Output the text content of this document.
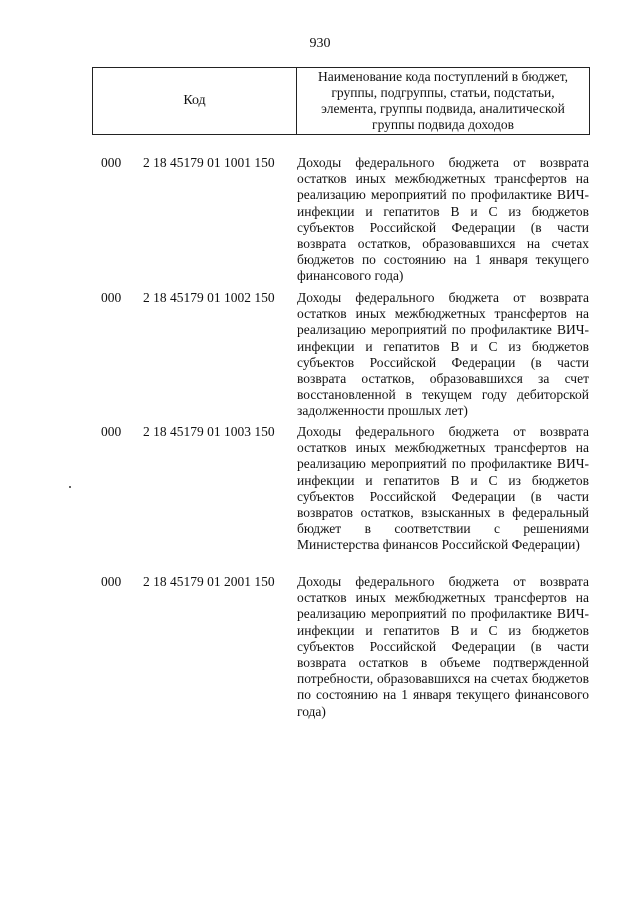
930
Код
Наименование кода поступлений в бюджет, группы, подгруппы, статьи, подстатьи, элемента, группы подвида, аналитической группы подвида доходов
000 2 18 45179 01 1001 150 Доходы федерального бюджета от возврата остатков иных межбюджетных трансфертов на реализацию мероприятий по профилактике ВИЧ-инфекции и гепатитов В и С из бюджетов субъектов Российской Федерации (в части возврата остатков, образовавшихся на счетах бюджетов по состоянию на 1 января текущего финансового года)
000 2 18 45179 01 1002 150 Доходы федерального бюджета от возврата остатков иных межбюджетных трансфертов на реализацию мероприятий по профилактике ВИЧ-инфекции и гепатитов В и С из бюджетов субъектов Российской Федерации (в части возврата остатков, образовавшихся за счет восстановленной в текущем году дебиторской задолженности прошлых лет)
000 2 18 45179 01 1003 150 Доходы федерального бюджета от возврата остатков иных межбюджетных трансфертов на реализацию мероприятий по профилактике ВИЧ-инфекции и гепатитов В и С из бюджетов субъектов Российской Федерации (в части возвратов остатков, взысканных в федеральный бюджет в соответствии с решениями Министерства финансов Российской Федерации)
000 2 18 45179 01 2001 150 Доходы федерального бюджета от возврата остатков иных межбюджетных трансфертов на реализацию мероприятий по профилактике ВИЧ-инфекции и гепатитов В и С из бюджетов субъектов Российской Федерации (в части возврата остатков в объеме подтвержденной потребности, образовавшихся на счетах бюджетов по состоянию на 1 января текущего финансового года)
